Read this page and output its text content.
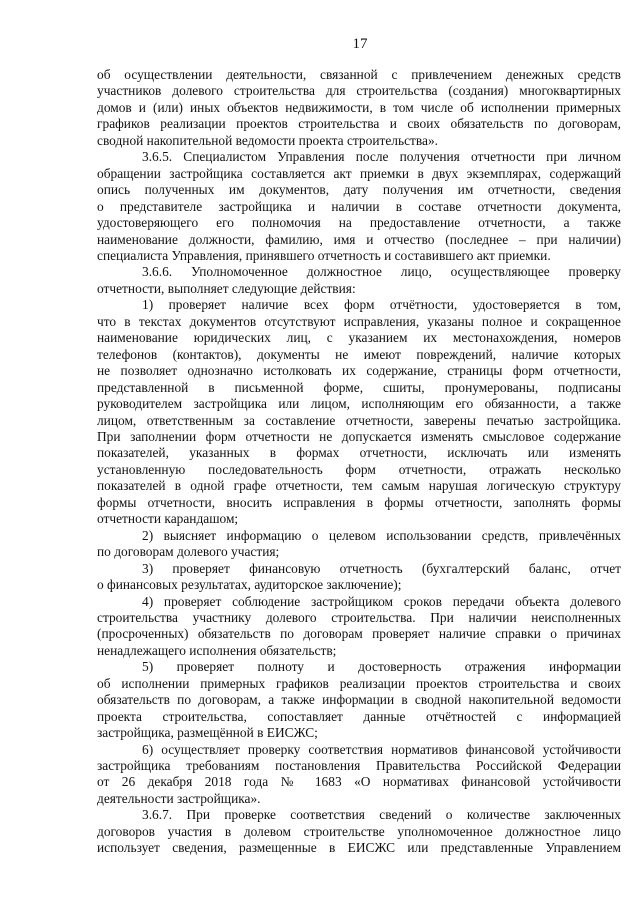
17

об осуществлении деятельности, связанной с привлечением денежных средств

участников долевого строительства для строительства (создания) многоквартирных

домов и (или) иных объектов недвижимости, в том числе об исполнении примерных

графиков реализации проектов строительства и своих обязательств по договорам,

сводной накопительной ведомости проекта строительства».

3.6.5. Специалистом Управления после получения отчетности при личном

обращении застройщика составляется акт приемки в двух экземплярах, содержащий

опись полученных им документов, дату получения им отчетности, сведения

о представителе застройщика и наличии в составе отчетности документа,

удостоверяющего его полномочия на предоставление отчетности, а также

наименование должности, фамилию, имя и отчество (последнее – при наличии)

специалиста Управления, принявшего отчетность и составившего акт приемки.

3.6.6. Уполномоченное должностное лицо, осуществляющее проверку

отчетности, выполняет следующие действия:

1) проверяет наличие всех форм отчётности, удостоверяется в том,

что в текстах документов отсутствуют исправления, указаны полное и сокращенное

наименование юридических лиц, с указанием их местонахождения, номеров

телефонов (контактов), документы не имеют повреждений, наличие которых

не позволяет однозначно истолковать их содержание, страницы форм отчетности,

представленной в письменной форме, сшиты, пронумерованы, подписаны

руководителем застройщика или лицом, исполняющим его обязанности, а также

лицом, ответственным за составление отчетности, заверены печатью застройщика.

При заполнении форм отчетности не допускается изменять смысловое содержание

показателей, указанных в формах отчетности, исключать или изменять

установленную последовательность форм отчетности, отражать несколько

показателей в одной графе отчетности, тем самым нарушая логическую структуру

формы отчетности, вносить исправления в формы отчетности, заполнять формы

отчетности карандашом;

2) выясняет информацию о целевом использовании средств, привлечённых

по договорам долевого участия;

3) проверяет финансовую отчетность (бухгалтерский баланс, отчет

о финансовых результатах, аудиторское заключение);

4) проверяет соблюдение застройщиком сроков передачи объекта долевого

строительства участнику долевого строительства. При наличии неисполненных

(просроченных) обязательств по договорам проверяет наличие справки о причинах

ненадлежащего исполнения обязательств;

5) проверяет полноту и достоверность отражения информации

об исполнении примерных графиков реализации проектов строительства и своих

обязательств по договорам, а также информации в сводной накопительной ведомости

проекта строительства, сопоставляет данные отчётностей с информацией

застройщика, размещённой в ЕИСЖС;

6) осуществляет проверку соответствия нормативов финансовой устойчивости

застройщика требованиям постановления Правительства Российской Федерации

от 26 декабря 2018 года № 1683 «О нормативах финансовой устойчивости

деятельности застройщика».

3.6.7. При проверке соответствия сведений о количестве заключенных

договоров участия в долевом строительстве уполномоченное должностное лицо

использует сведения, размещенные в ЕИСЖС или представленные Управлением
